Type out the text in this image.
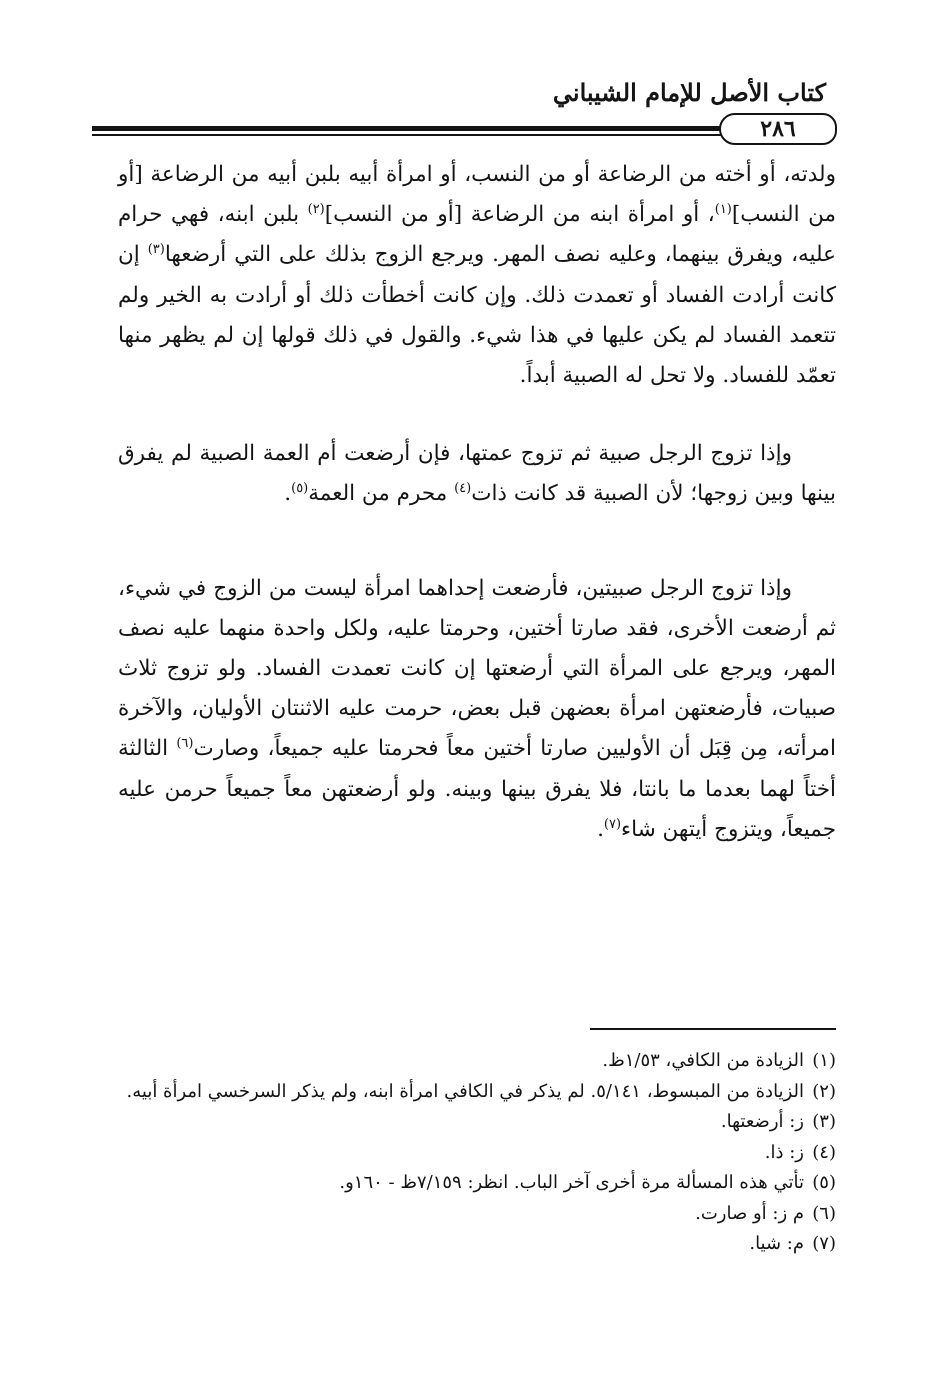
كتاب الأصل للإمام الشيباني
٢٨٦

ولدته، أو أخته من الرضاعة أو من النسب، أو امرأة أبيه بلبن أبيه من الرضاعة [أو من النسب]$^{(١)}$، أو امرأة ابنه من الرضاعة [أو من النسب]$^{(٢)}$ بلبن ابنه، فهي حرام عليه، ويفرق بينهما، وعليه نصف المهر. ويرجع الزوج بذلك على التي أرضعها$^{(٣)}$ إن كانت أرادت الفساد أو تعمدت ذلك. وإن كانت أخطأت ذلك أو أرادت به الخير ولم تتعمد الفساد لم يكن عليها في هذا شيء. والقول في ذلك قولها إن لم يظهر منها تعمّد للفساد. ولا تحل له الصبية أبداً.

وإذا تزوج الرجل صبية ثم تزوج عمتها، فإن أرضعت أم العمة الصبية لم يفرق بينها وبين زوجها؛ لأن الصبية قد كانت ذات$^{(٤)}$ محرم من العمة$^{(٥)}$.

وإذا تزوج الرجل صبيتين، فأرضعت إحداهما امرأة ليست من الزوج في شيء، ثم أرضعت الأخرى، فقد صارتا أختين، وحرمتا عليه، ولكل واحدة منهما عليه نصف المهر، ويرجع على المرأة التي أرضعتها إن كانت تعمدت الفساد. ولو تزوج ثلاث صبيات، فأرضعتهن امرأة بعضهن قبل بعض، حرمت عليه الاثنتان الأوليان، والآخرة امرأته، مِن قِبَل أن الأوليين صارتا أختين معاً فحرمتا عليه جميعاً، وصارت$^{(٦)}$ الثالثة أختاً لهما بعدما ما بانتا، فلا يفرق بينها وبينه. ولو أرضعتهن معاً جميعاً حرمن عليه جميعاً، ويتزوج أيتهن شاء$^{(٧)}$.

(١)
الزيادة من الكافي، ١/٥٣ظ.
(٢)
الزيادة من المبسوط، ٥/١٤١. لم يذكر في الكافي امرأة ابنه، ولم يذكر السرخسي امرأة أبيه.
(٣)
ز: أرضعتها.
(٤)
ز: ذا.
(٥)
تأتي هذه المسألة مرة أخرى آخر الباب. انظر: ٧/١٥٩ظ - ١٦٠و.
(٦)
م ز: أو صارت.
(٧)
م: شيا.
